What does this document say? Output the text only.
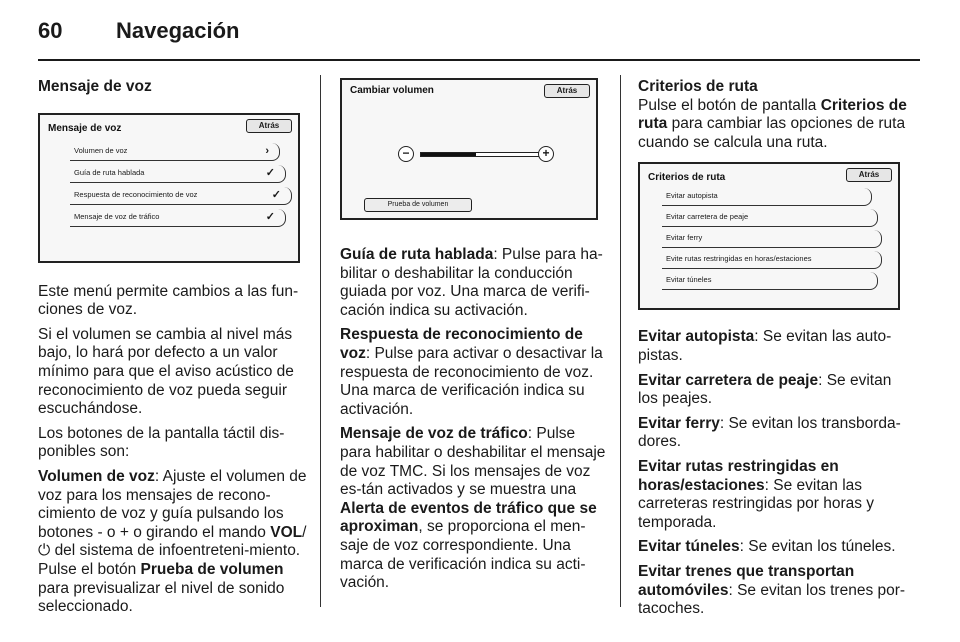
60 Navegación
Mensaje de voz
Mensaje de voz	Atrás
Volumen de voz	›
Guía de ruta hablada	✓
Respuesta de reconocimiento de voz	✓
Mensaje de voz de tráfico	✓

Este menú permite cambios a las fun-ciones de voz.

Si el volumen se cambia al nivel más bajo, lo hará por defecto a un valor mínimo para que el aviso acústico de reconocimiento de voz pueda seguir escuchándose.

Los botones de la pantalla táctil dis-ponibles son:

Volumen de voz: Ajuste el volumen de voz para los mensajes de recono-cimiento de voz y guía pulsando los botones - o + o girando el mando VOL/⏻ del sistema de infoentreteni-miento. Pulse el botón Prueba de volumen para previsualizar el nivel de sonido seleccionado.

Cambiar volumen	Atrás
−	+
Prueba de volumen

Guía de ruta hablada: Pulse para ha-bilitar o deshabilitar la conducción guiada por voz. Una marca de verifi-cación indica su activación.

Respuesta de reconocimiento de voz: Pulse para activar o desactivar la respuesta de reconocimiento de voz. Una marca de verificación indica su activación.

Mensaje de voz de tráfico: Pulse para habilitar o deshabilitar el mensaje de voz TMC. Si los mensajes de voz es-tán activados y se muestra una Alerta de eventos de tráfico que se aproximan, se proporciona el men-saje de voz correspondiente. Una marca de verificación indica su acti-vación.

Criterios de ruta

Pulse el botón de pantalla Criterios de ruta para cambiar las opciones de ruta cuando se calcula una ruta.

Criterios de ruta	Atrás
Evitar autopista
Evitar carretera de peaje
Evitar ferry
Evite rutas restringidas en horas/estaciones
Evitar túneles

Evitar autopista: Se evitan las auto-pistas.

Evitar carretera de peaje: Se evitan los peajes.

Evitar ferry: Se evitan los transborda-dores.

Evitar rutas restringidas en horas/estaciones: Se evitan las carreteras restringidas por horas y temporada.

Evitar túneles: Se evitan los túneles.

Evitar trenes que transportan automóviles: Se evitan los trenes por-tacoches.
